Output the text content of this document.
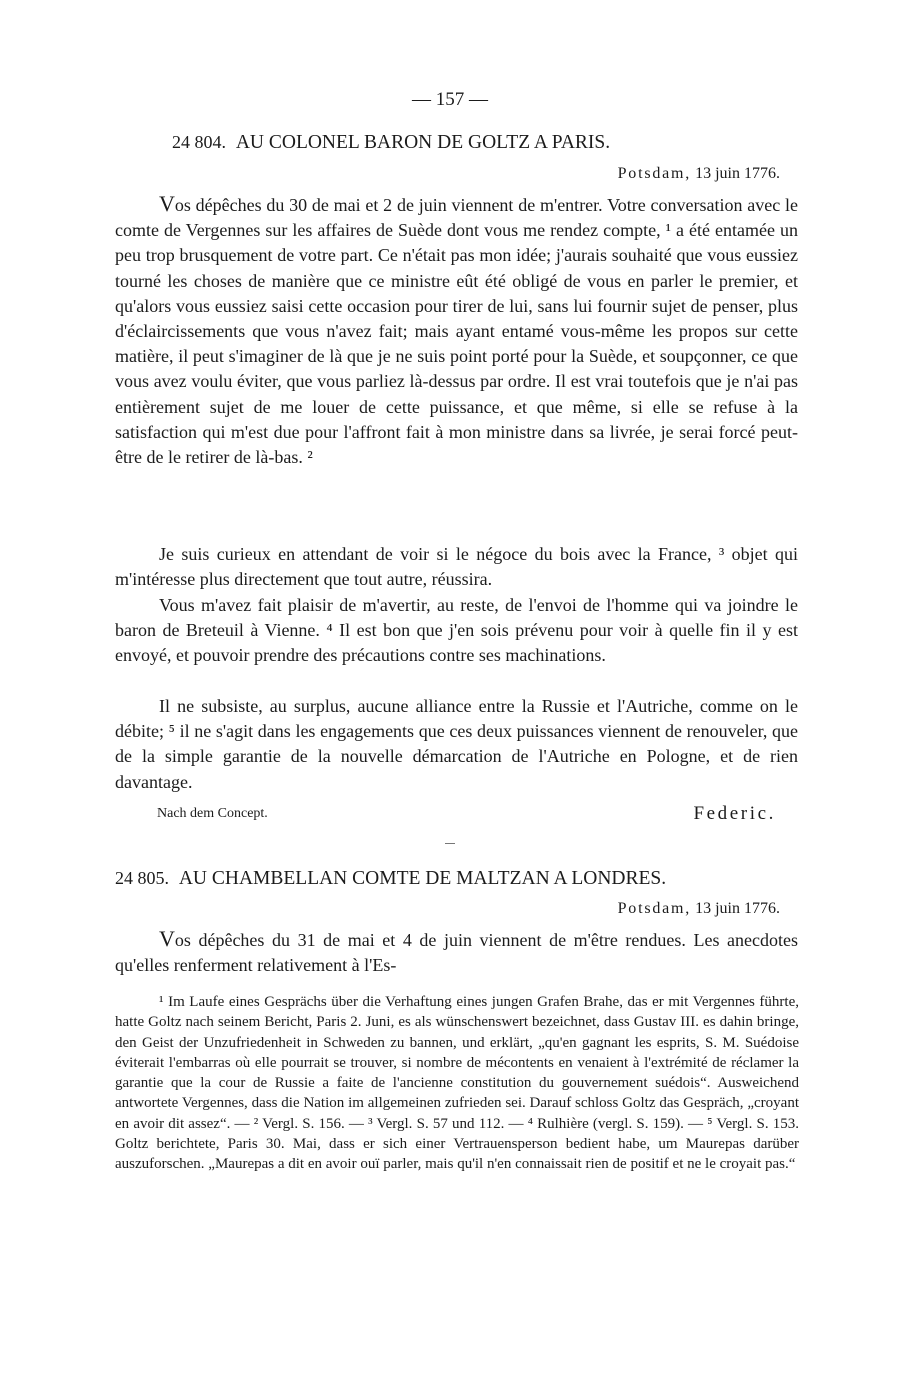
— 157 —
24 804. AU COLONEL BARON DE GOLTZ A PARIS.
Potsdam, 13 juin 1776.
Vos dépêches du 30 de mai et 2 de juin viennent de m'entrer. Votre conversation avec le comte de Vergennes sur les affaires de Suède dont vous me rendez compte, ¹ a été entamée un peu trop brusquement de votre part. Ce n'était pas mon idée; j'aurais souhaité que vous eussiez tourné les choses de manière que ce ministre eût été obligé de vous en parler le premier, et qu'alors vous eussiez saisi cette occasion pour tirer de lui, sans lui fournir sujet de penser, plus d'éclaircissements que vous n'avez fait; mais ayant entamé vous-même les propos sur cette matière, il peut s'imaginer de là que je ne suis point porté pour la Suède, et soupçonner, ce que vous avez voulu éviter, que vous parliez là-dessus par ordre. Il est vrai toutefois que je n'ai pas entièrement sujet de me louer de cette puissance, et que même, si elle se refuse à la satisfaction qui m'est due pour l'affront fait à mon ministre dans sa livrée, je serai forcé peut-être de le retirer de là-bas. ²
Je suis curieux en attendant de voir si le négoce du bois avec la France, ³ objet qui m'intéresse plus directement que tout autre, réussira.
Vous m'avez fait plaisir de m'avertir, au reste, de l'envoi de l'homme qui va joindre le baron de Breteuil à Vienne. ⁴ Il est bon que j'en sois prévenu pour voir à quelle fin il y est envoyé, et pouvoir prendre des précautions contre ses machinations.
Il ne subsiste, au surplus, aucune alliance entre la Russie et l'Autriche, comme on le débite; ⁵ il ne s'agit dans les engagements que ces deux puissances viennent de renouveler, que de la simple garantie de la nouvelle démarcation de l'Autriche en Pologne, et de rien davantage.
Nach dem Concept.	Federic.
24 805. AU CHAMBELLAN COMTE DE MALTZAN A LONDRES.
Potsdam, 13 juin 1776.
Vos dépêches du 31 de mai et 4 de juin viennent de m'être rendues. Les anecdotes qu'elles renferment relativement à l'Es-
¹ Im Laufe eines Gesprächs über die Verhaftung eines jungen Grafen Brahe, das er mit Vergennes führte, hatte Goltz nach seinem Bericht, Paris 2. Juni, es als wünschenswert bezeichnet, dass Gustav III. es dahin bringe, den Geist der Unzufriedenheit in Schweden zu bannen, und erklärt, „qu'en gagnant les esprits, S. M. Suédoise éviterait l'embarras où elle pourrait se trouver, si nombre de mécontents en venaient à l'extrémité de réclamer la garantie que la cour de Russie a faite de l'ancienne constitution du gouvernement suédois“. Ausweichend antwortete Vergennes, dass die Nation im allgemeinen zufrieden sei. Darauf schloss Goltz das Gespräch, „croyant en avoir dit assez“. — ² Vergl. S. 156. — ³ Vergl. S. 57 und 112. — ⁴ Rulhière (vergl. S. 159). — ⁵ Vergl. S. 153. Goltz berichtete, Paris 30. Mai, dass er sich einer Vertrauensperson bedient habe, um Maurepas darüber auszuforschen. „Maurepas a dit en avoir ouï parler, mais qu'il n'en connaissait rien de positif et ne le croyait pas.“
